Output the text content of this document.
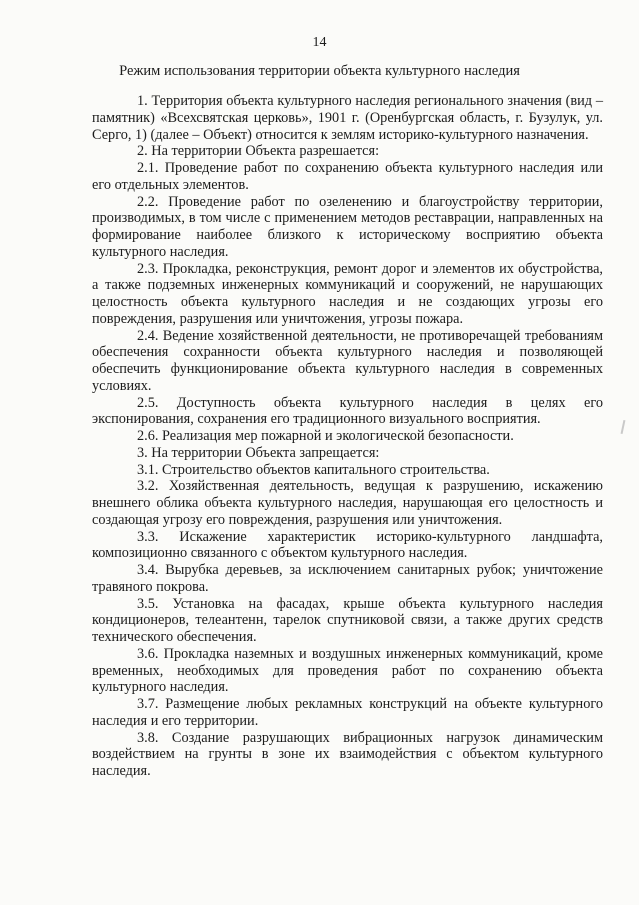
14
Режим использования территории объекта культурного наследия

1. Территория объекта культурного наследия регионального значения (вид – памятник) «Всехсвятская церковь», 1901 г. (Оренбургская область, г. Бузулук, ул. Серго, 1) (далее – Объект) относится к землям историко-культурного назначения.

2. На территории Объекта разрешается:

2.1. Проведение работ по сохранению объекта культурного наследия или его отдельных элементов.

2.2. Проведение работ по озеленению и благоустройству территории, производимых, в том числе с применением методов реставрации, направленных на формирование наиболее близкого к историческому восприятию объекта культурного наследия.

2.3. Прокладка, реконструкция, ремонт дорог и элементов их обустройства, а также подземных инженерных коммуникаций и сооружений, не нарушающих целостность объекта культурного наследия и не создающих угрозы его повреждения, разрушения или уничтожения, угрозы пожара.

2.4. Ведение хозяйственной деятельности, не противоречащей требованиям обеспечения сохранности объекта культурного наследия и позволяющей обеспечить функционирование объекта культурного наследия в современных условиях.

2.5. Доступность объекта культурного наследия в целях его экспонирования, сохранения его традиционного визуального восприятия.

2.6. Реализация мер пожарной и экологической безопасности.

3. На территории Объекта запрещается:

3.1. Строительство объектов капитального строительства.

3.2. Хозяйственная деятельность, ведущая к разрушению, искажению внешнего облика объекта культурного наследия, нарушающая его целостность и создающая угрозу его повреждения, разрушения или уничтожения.

3.3. Искажение характеристик историко-культурного ландшафта, композиционно связанного с объектом культурного наследия.

3.4. Вырубка деревьев, за исключением санитарных рубок; уничтожение травяного покрова.

3.5. Установка на фасадах, крыше объекта культурного наследия кондиционеров, телеантенн, тарелок спутниковой связи, а также других средств технического обеспечения.

3.6. Прокладка наземных и воздушных инженерных коммуникаций, кроме временных, необходимых для проведения работ по сохранению объекта культурного наследия.

3.7. Размещение любых рекламных конструкций на объекте культурного наследия и его территории.

3.8. Создание разрушающих вибрационных нагрузок динамическим воздействием на грунты в зоне их взаимодействия с объектом культурного наследия.
